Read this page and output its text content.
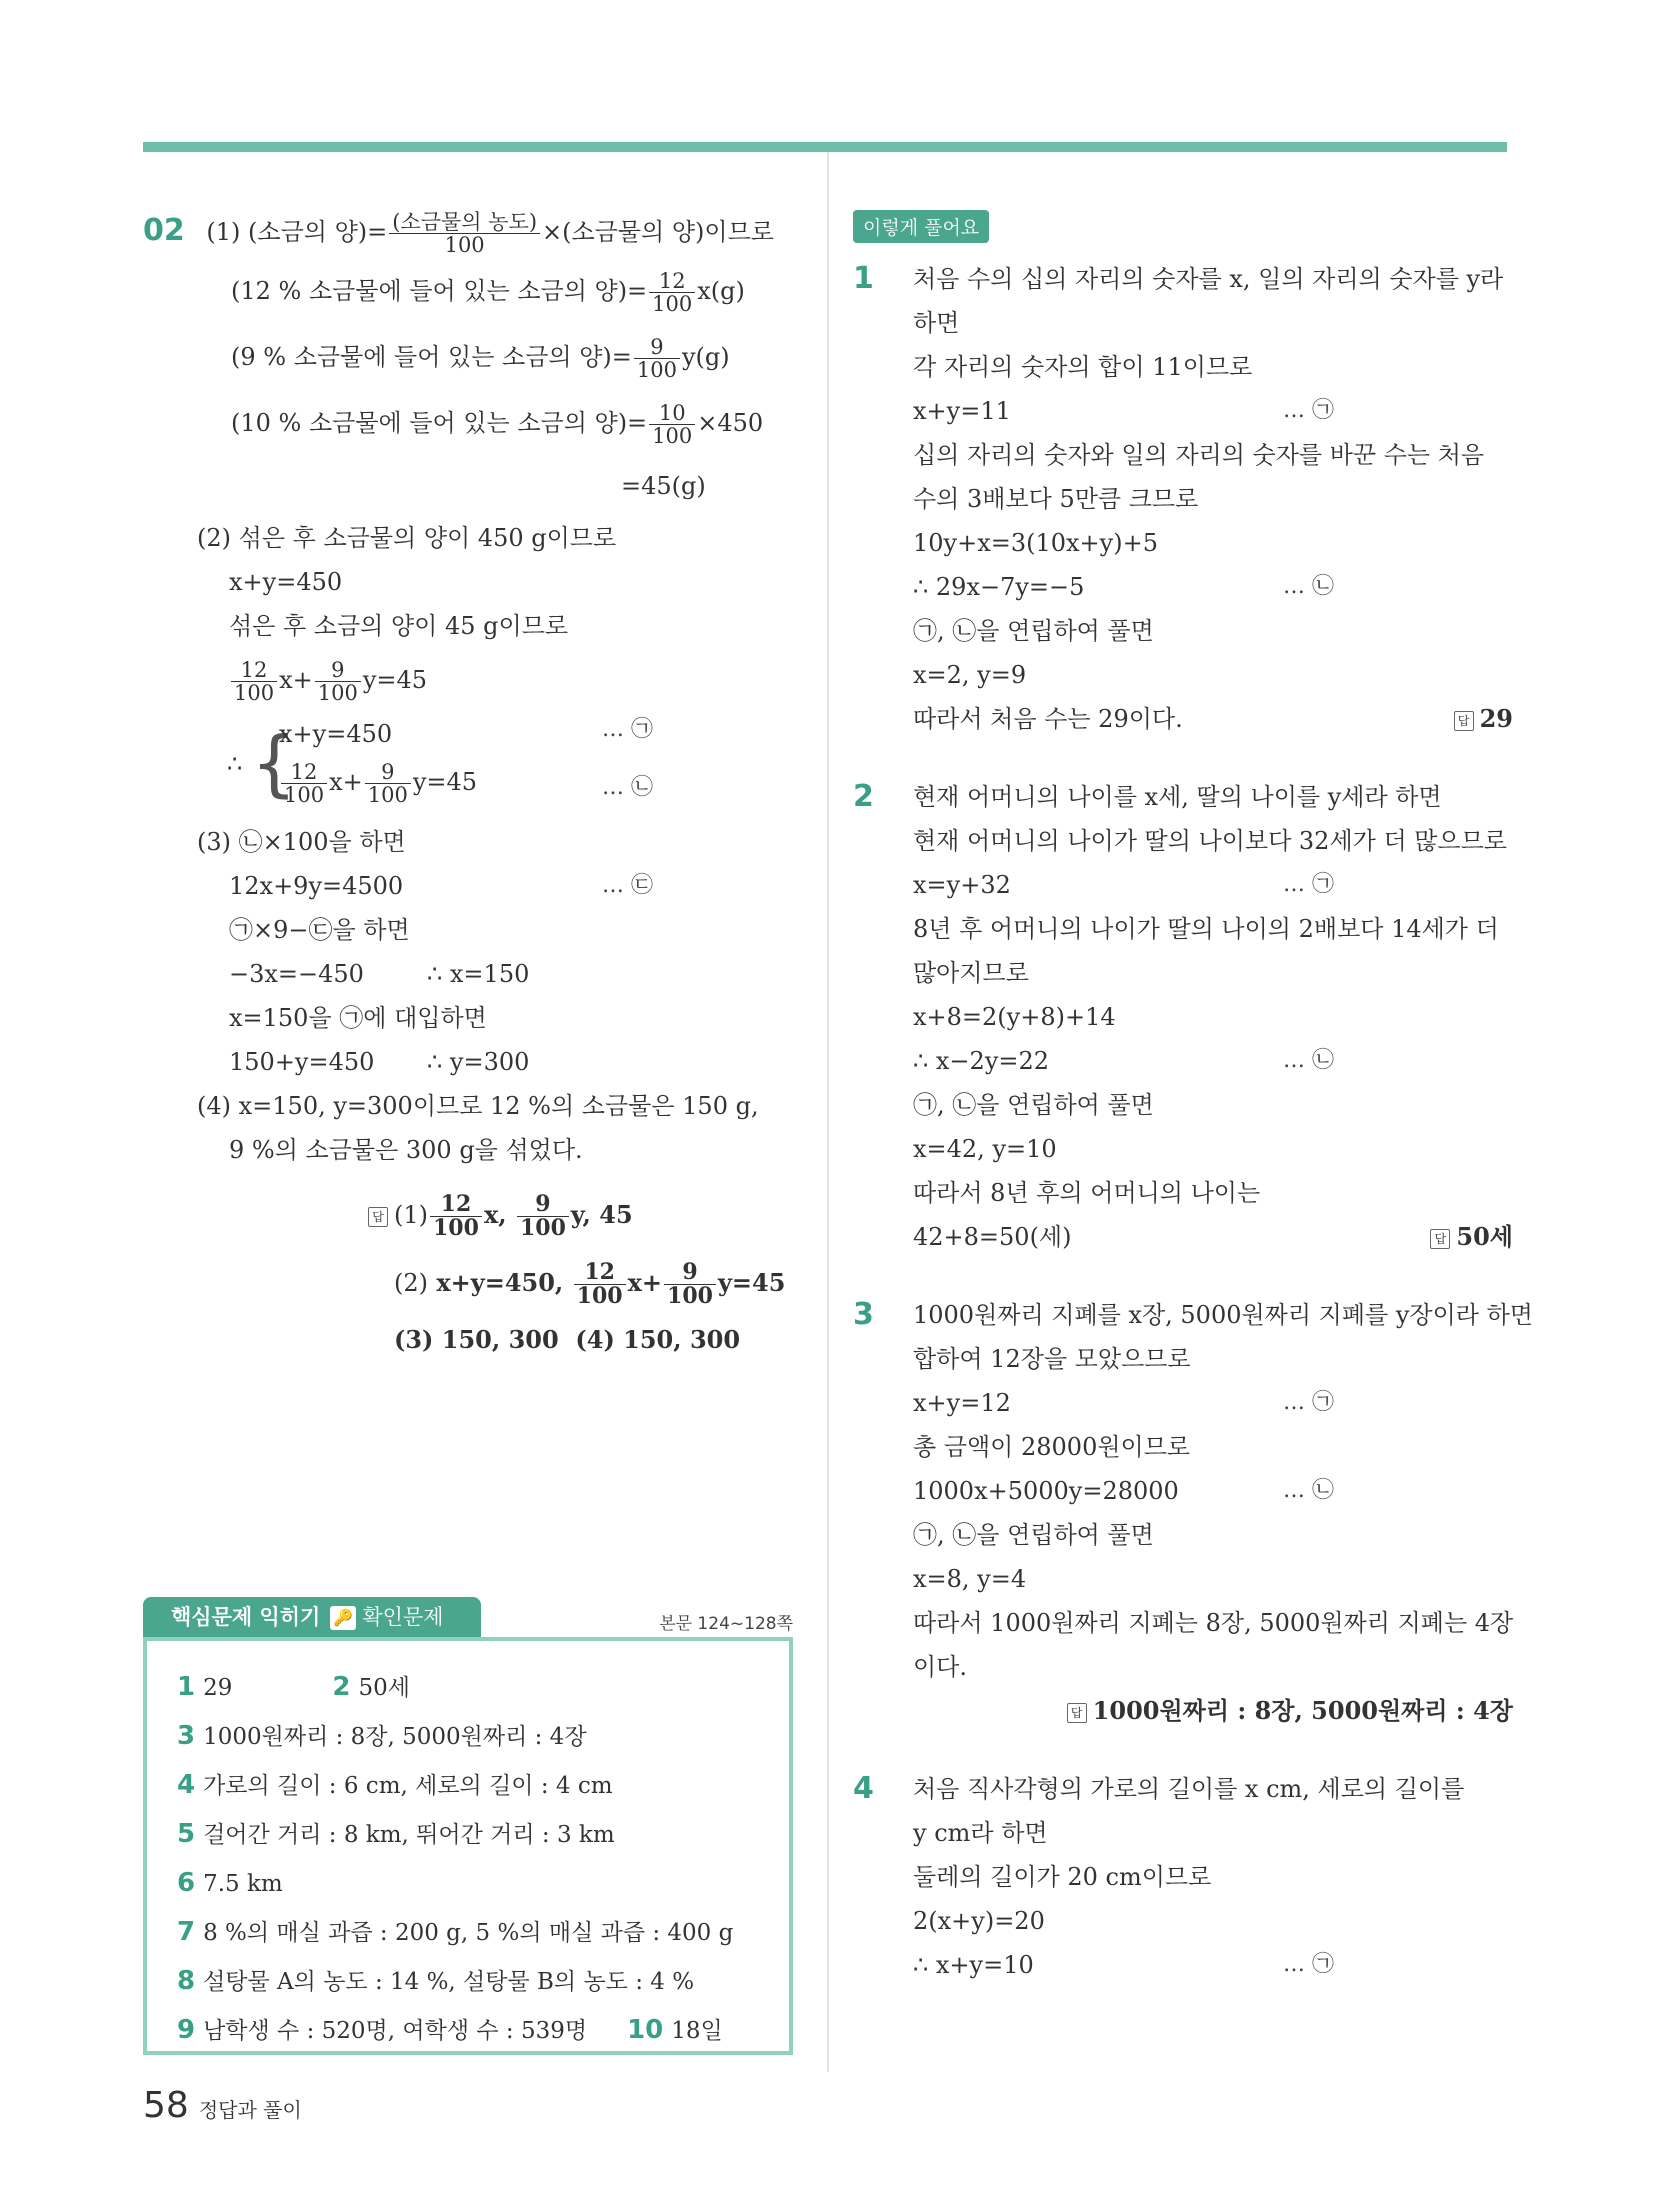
02 (1) (소금의 양)= $\frac{\text{(소금물의 농도)}}{100}$ ×(소금물의 양)이므로
(12 % 소금물에 들어 있는 소금의 양)= $\frac{12}{100} x(g)$
(9 % 소금물에 들어 있는 소금의 양)= $\frac{9}{100} y(g)$
(10 % 소금물에 들어 있는 소금의 양)= $\frac{10}{100} \times 450$
=45(g)
(2) 섞은 후 소금물의 양이 450 g이므로
x+y=450
섞은 후 소금의 양이 45 g이므로
$\frac{12}{100} x+ \frac{9}{100} y=45$
∴ {
x+y=450	… ㉠
$\frac{12}{100} x+ \frac{9}{100} y=45$	… ㉡
(3) ㉡×100을 하면
12x+9y=4500	… ㉢
㉠×9−㉢을 하면
−3x=−450	∴ x=150
x=150을 ㉠에 대입하면
150+y=450 ∴ y=300
(4) x=150, y=300이므로 12 %의 소금물은 150 g,
9 %의 소금물은 300 g을 섞었다.
답 $(1) \frac{12}{100} x$, $\frac{9}{100} y$, 45
(2) x+y=450, $\frac{12}{100} x+ \frac{9}{100} y=45$
(3) 150, 300 (4) 150, 300
이렇게 풀어요
1 처음 수의 십의 자리의 숫자를 x, 일의 자리의 숫자를 y라
하면
각 자리의 숫자의 합이 11이므로
x+y=11	… ㉠
십의 자리의 숫자와 일의 자리의 숫자를 바꾼 수는 처음
수의 3배보다 5만큼 크므로
10y+x=3(10x+y)+5
∴ 29x−7y=−5	… ㉡
㉠, ㉡을 연립하여 풀면
x=2, y=9
따라서 처음 수는 29이다.	답 29
2 현재 어머니의 나이를 x세, 딸의 나이를 y세라 하면
현재 어머니의 나이가 딸의 나이보다 32세가 더 많으므로
x=y+32	… ㉠
8년 후 어머니의 나이가 딸의 나이의 2배보다 14세가 더
많아지므로
x+8=2(y+8)+14
∴ x−2y=22	… ㉡
㉠, ㉡을 연립하여 풀면
x=42, y=10
따라서 8년 후의 어머니의 나이는
42+8=50(세)	답 50세
3 1000원짜리 지폐를 x장, 5000원짜리 지폐를 y장이라 하면
합하여 12장을 모았으므로
x+y=12	… ㉠
총 금액이 28000원이므로
1000x+5000y=28000	… ㉡
㉠, ㉡을 연립하여 풀면
x=8, y=4
따라서 1000원짜리 지폐는 8장, 5000원짜리 지폐는 4장
이다.
답 1000원짜리 : 8장, 5000원짜리 : 4장
4 처음 직사각형의 가로의 길이를 x cm, 세로의 길이를
y cm라 하면
둘레의 길이가 20 cm이므로
2(x+y)=20
∴ x+y=10	… ㉠
핵심문제 익히기 🔑 확인문제	본문 124~128쪽
1 29	2 50세
3 1000원짜리 : 8장, 5000원짜리 : 4장
4 가로의 길이 : 6 cm, 세로의 길이 : 4 cm
5 걸어간 거리 : 8 km, 뛰어간 거리 : 3 km
6 7.5 km
7 8 %의 매실 과즙 : 200 g, 5 %의 매실 과즙 : 400 g
8 설탕물 A의 농도 : 14 %, 설탕물 B의 농도 : 4 %
9 남학생 수 : 520명, 여학생 수 : 539명 10 18일
58 정답과 풀이
